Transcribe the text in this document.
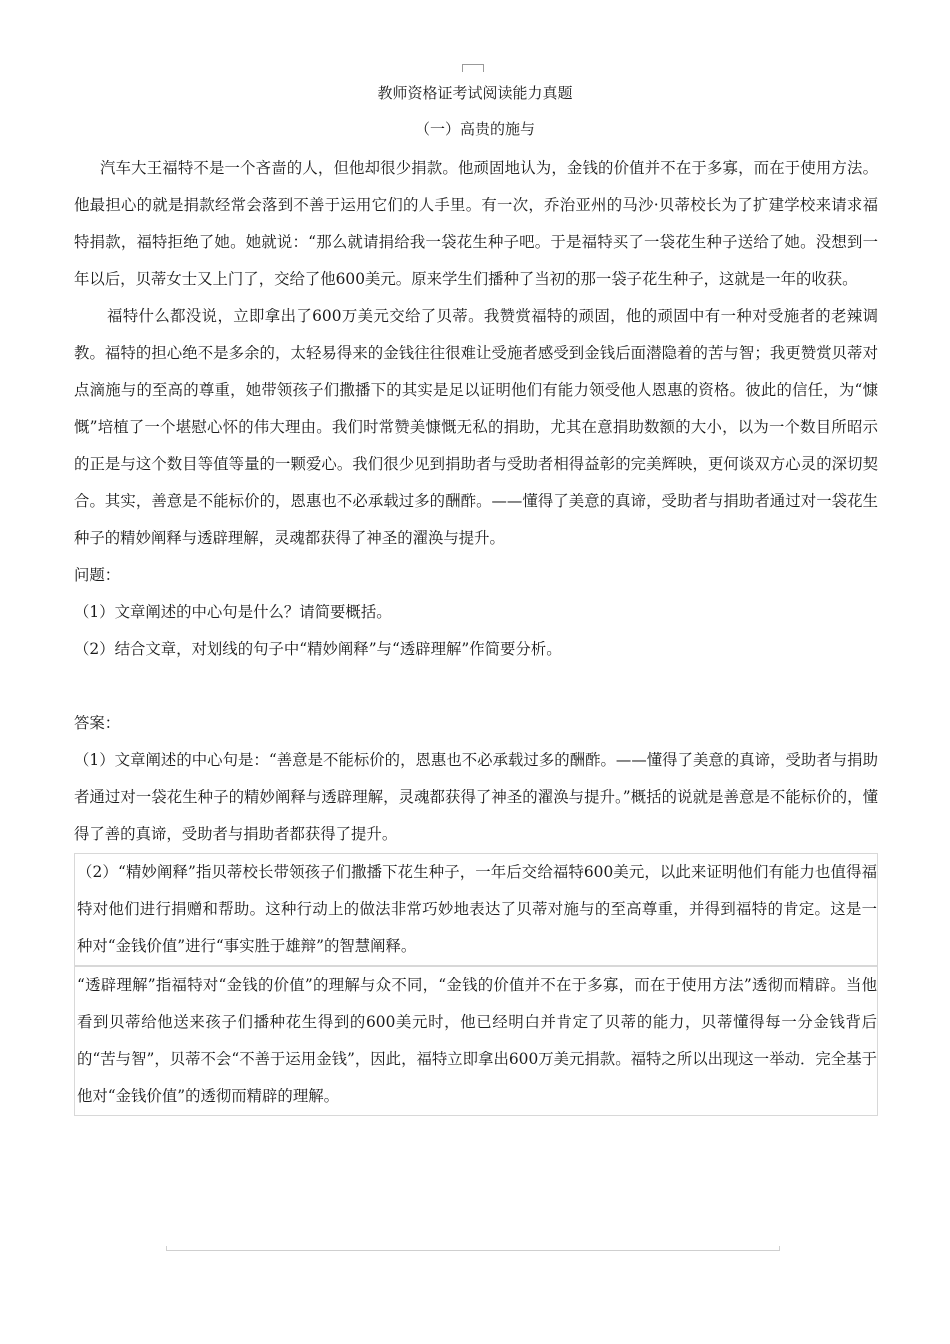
教师资格证考试阅读能力真题
（一）高贵的施与

汽车大王福特不是一个吝啬的人，但他却很少捐款。他顽固地认为，金钱的价值并不在于多寡，而在于使用方法。他最担心的就是捐款经常会落到不善于运用它们的人手里。有一次，乔治亚州的马沙·贝蒂校长为了扩建学校来请求福特捐款，福特拒绝了她。她就说：“那么就请捐给我一袋花生种子吧。于是福特买了一袋花生种子送给了她。没想到一年以后，贝蒂女士又上门了，交给了他600美元。原来学生们播种了当初的那一袋子花生种子，这就是一年的收获。

福特什么都没说，立即拿出了600万美元交给了贝蒂。我赞赏福特的顽固，他的顽固中有一种对受施者的老辣调教。福特的担心绝不是多余的，太轻易得来的金钱往往很难让受施者感受到金钱后面潜隐着的苦与智；我更赞赏贝蒂对点滴施与的至高的尊重，她带领孩子们撒播下的其实是足以证明他们有能力领受他人恩惠的资格。彼此的信任，为“慷慨”培植了一个堪慰心怀的伟大理由。我们时常赞美慷慨无私的捐助，尤其在意捐助数额的大小，以为一个数目所昭示的正是与这个数目等值等量的一颗爱心。我们很少见到捐助者与受助者相得益彰的完美辉映，更何谈双方心灵的深切契合。其实，善意是不能标价的，恩惠也不必承载过多的酬酢。——懂得了美意的真谛，受助者与捐助者通过对一袋花生种子的精妙阐释与透辟理解，灵魂都获得了神圣的濯涣与提升。

问题：

（1）文章阐述的中心句是什么？请简要概括。

（2）结合文章，对划线的句子中“精妙阐释”与“透辟理解”作简要分析。

答案：

（1）文章阐述的中心句是：“善意是不能标价的，恩惠也不必承载过多的酬酢。——懂得了美意的真谛，受助者与捐助者通过对一袋花生种子的精妙阐释与透辟理解，灵魂都获得了神圣的濯涣与提升。”概括的说就是善意是不能标价的，懂得了善的真谛，受助者与捐助者都获得了提升。

（2）“精妙阐释”指贝蒂校长带领孩子们撒播下花生种子，一年后交给福特600美元，以此来证明他们有能力也值得福特对他们进行捐赠和帮助。这种行动上的做法非常巧妙地表达了贝蒂对施与的至高尊重，并得到福特的肯定。这是一种对“金钱价值”进行“事实胜于雄辩”的智慧阐释。

“透辟理解”指福特对“金钱的价值”的理解与众不同，“金钱的价值并不在于多寡，而在于使用方法”透彻而精辟。当他看到贝蒂给他送来孩子们播种花生得到的600美元时，他已经明白并肯定了贝蒂的能力，贝蒂懂得每一分金钱背后的“苦与智”，贝蒂不会“不善于运用金钱”，因此，福特立即拿出600万美元捐款。福特之所以出现这一举动．完全基于他对“金钱价值”的透彻而精辟的理解。
